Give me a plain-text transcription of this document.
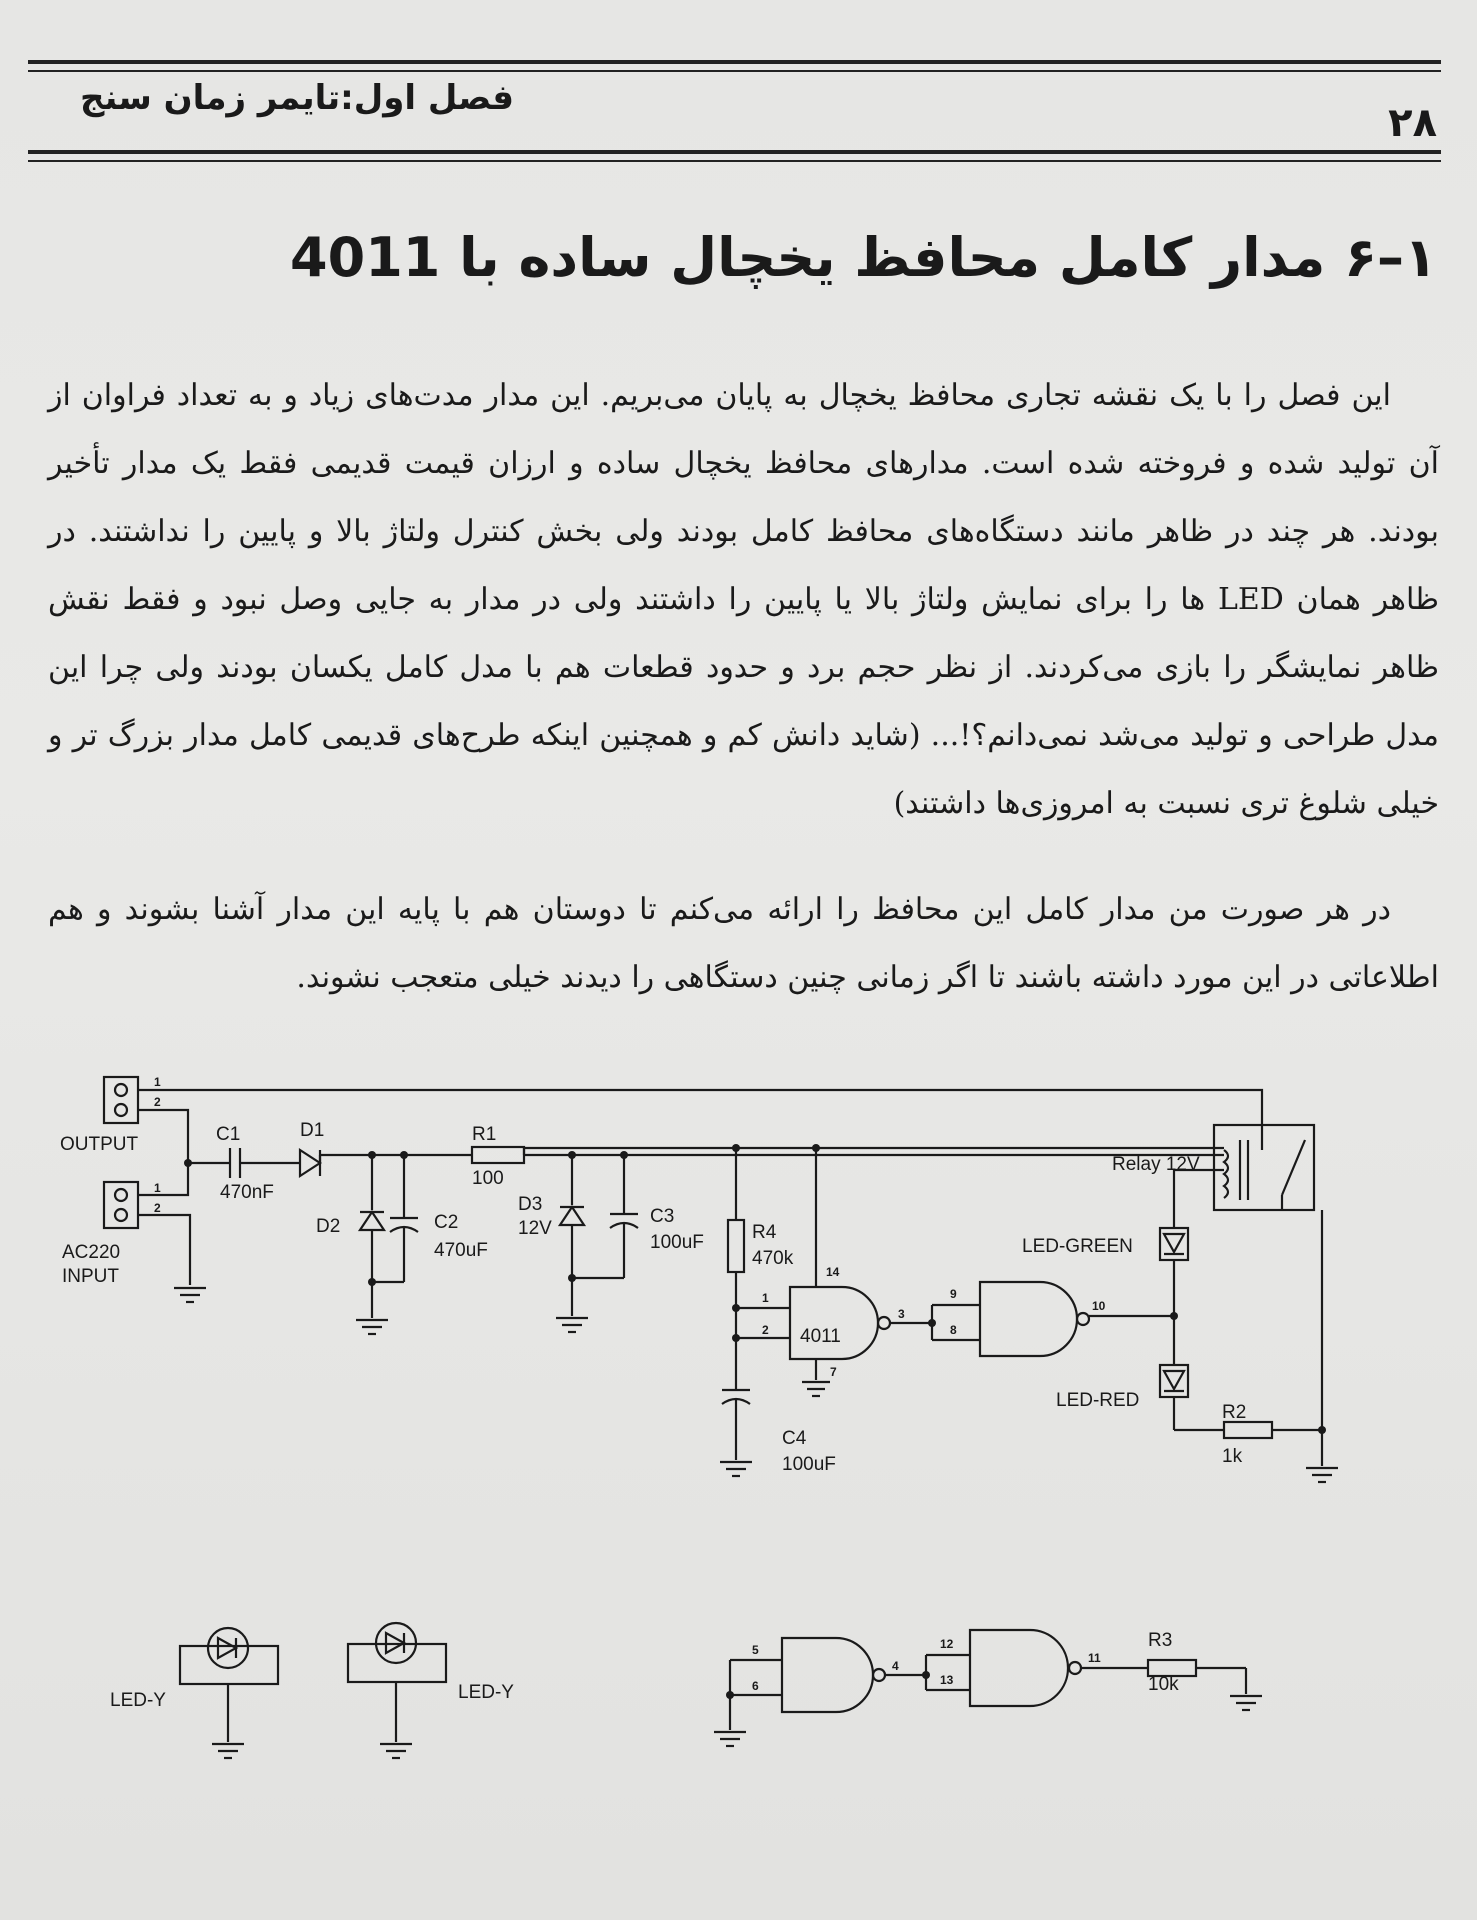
فصل اول:تایمر زمان سنج
۲۸
۱–۶ مدار کامل محافظ یخچال ساده با 4011
این فصل را با یک نقشه تجاری محافظ یخچال به پایان می‌بریم. این مدار مدت‌های زیاد و به تعداد فراوان از آن تولید شده و فروخته شده است. مدارهای محافظ یخچال ساده و ارزان قیمت قدیمی فقط یک مدار تأخیر بودند. هر چند در ظاهر مانند دستگاه‌های محافظ کامل بودند ولی بخش کنترل ولتاژ بالا و پایین را نداشتند. در ظاهر همان LED ها را برای نمایش ولتاژ بالا یا پایین را داشتند ولی در مدار به جایی وصل نبود و فقط نقش ظاهر نمایشگر را بازی می‌کردند. از نظر حجم برد و حدود قطعات هم با مدل کامل یکسان بودند ولی چرا این مدل طراحی و تولید می‌شد نمی‌دانم؟!... (شاید دانش کم و همچنین اینکه طرح‌های قدیمی کامل مدار بزرگ تر و خیلی شلوغ تری نسبت به امروزی‌ها داشتند)
در هر صورت من مدار کامل این محافظ را ارائه می‌کنم تا دوستان هم با پایه این مدار آشنا بشوند و هم اطلاعاتی در این مورد داشته باشند تا اگر زمانی چنین دستگاهی را دیدند خیلی متعجب نشوند.
OUTPUT
AC220
INPUT
C1
470nF
D1
D2	C2
470uF
R1
100
D3
12V
C3
100uF	R4
470k
4011
C4
100uF
Relay 12V
LED-GREEN
LED-RED
R2
1k
R3
10k
LED-Y	LED-Y
1
2
1
2
1
2
3
14
7
9
8
10
5
6
4
12
13
11
